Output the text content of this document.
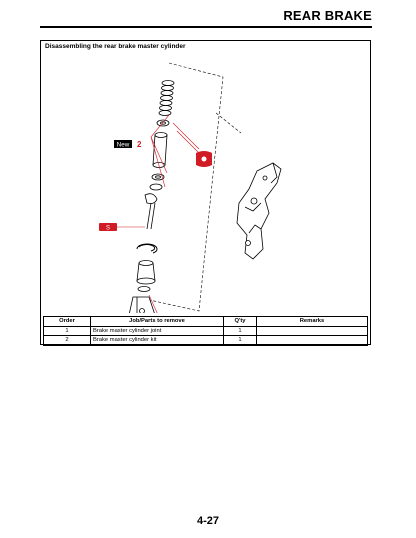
REAR BRAKE
Disassembling the rear brake master cylinder
New 2
S
Order	Job/Parts to remove	Q'ty	Remarks
1	Brake master cylinder joint	1	
2	Brake master cylinder kit	1	
4-27
